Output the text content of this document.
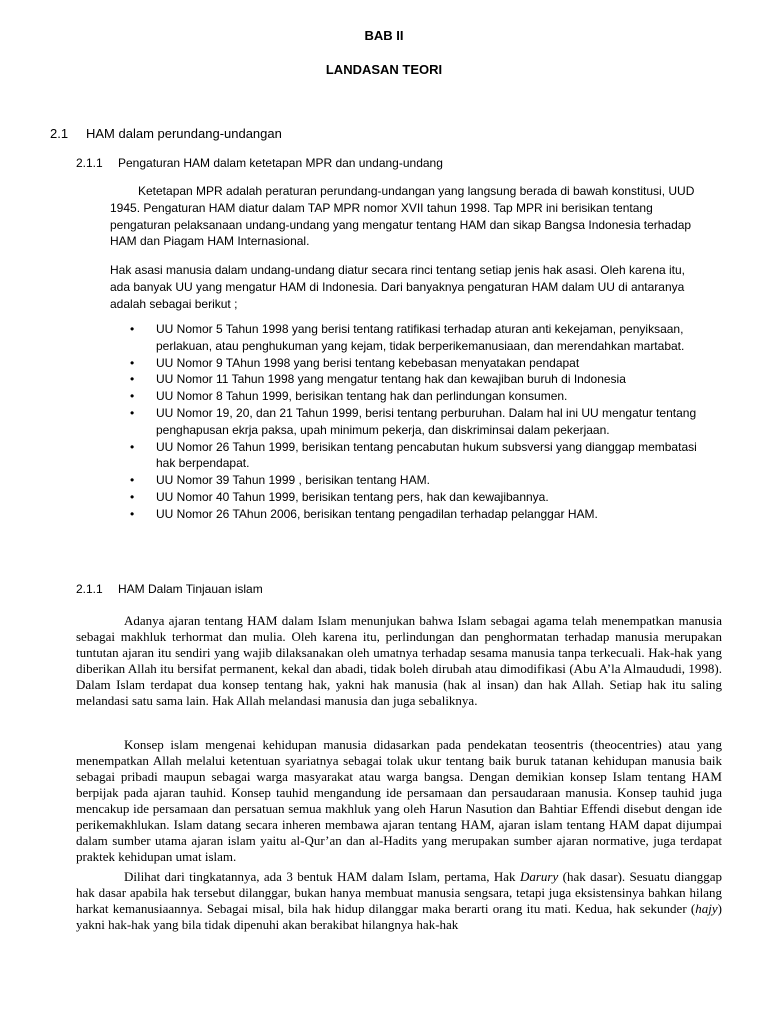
BAB II
LANDASAN TEORI
2.1 HAM dalam perundang-undangan
2.1.1 Pengaturan HAM dalam ketetapan MPR dan undang-undang

Ketetapan MPR adalah peraturan perundang-undangan yang langsung berada di bawah konstitusi, UUD 1945. Pengaturan HAM diatur dalam TAP MPR nomor XVII tahun 1998. Tap MPR ini berisikan tentang pengaturan pelaksanaan undang-undang yang mengatur tentang HAM dan sikap Bangsa Indonesia terhadap HAM dan Piagam HAM Internasional.

Hak asasi manusia dalam undang-undang diatur secara rinci tentang setiap jenis hak asasi. Oleh karena itu, ada banyak UU yang mengatur HAM di Indonesia. Dari banyaknya pengaturan HAM dalam UU di antaranya adalah sebagai berikut ;

• UU Nomor 5 Tahun 1998 yang berisi tentang ratifikasi terhadap aturan anti kekejaman, penyiksaan, perlakuan, atau penghukuman yang kejam, tidak berperikemanusiaan, dan merendahkan martabat.
• UU Nomor 9 TAhun 1998 yang berisi tentang kebebasan menyatakan pendapat
• UU Nomor 11 Tahun 1998 yang mengatur tentang hak dan kewajiban buruh di Indonesia
• UU Nomor 8 Tahun 1999, berisikan tentang hak dan perlindungan konsumen.
• UU Nomor 19, 20, dan 21 Tahun 1999, berisi tentang perburuhan. Dalam hal ini UU mengatur tentang penghapusan ekrja paksa, upah minimum pekerja, dan diskriminsai dalam pekerjaan.
• UU Nomor 26 Tahun 1999, berisikan tentang pencabutan hukum subsversi yang dianggap membatasi hak berpendapat.
• UU Nomor 39 Tahun 1999 , berisikan tentang HAM.
• UU Nomor 40 Tahun 1999, berisikan tentang pers, hak dan kewajibannya.
• UU Nomor 26 TAhun 2006, berisikan tentang pengadilan terhadap pelanggar HAM.
2.1.1 HAM Dalam Tinjauan islam

Adanya ajaran tentang HAM dalam Islam menunjukan bahwa Islam sebagai agama telah menempatkan manusia sebagai makhluk terhormat dan mulia. Oleh karena itu, perlindungan dan penghormatan terhadap manusia merupakan tuntutan ajaran itu sendiri yang wajib dilaksanakan oleh umatnya terhadap sesama manusia tanpa terkecuali. Hak-hak yang diberikan Allah itu bersifat permanent, kekal dan abadi, tidak boleh dirubah atau dimodifikasi (Abu A’la Almaududi, 1998). Dalam Islam terdapat dua konsep tentang hak, yakni hak manusia (hak al insan) dan hak Allah. Setiap hak itu saling melandasi satu sama lain. Hak Allah melandasi manusia dan juga sebaliknya.

Konsep islam mengenai kehidupan manusia didasarkan pada pendekatan teosentris (theocentries) atau yang menempatkan Allah melalui ketentuan syariatnya sebagai tolak ukur tentang baik buruk tatanan kehidupan manusia baik sebagai pribadi maupun sebagai warga masyarakat atau warga bangsa. Dengan demikian konsep Islam tentang HAM berpijak pada ajaran tauhid. Konsep tauhid mengandung ide persamaan dan persaudaraan manusia. Konsep tauhid juga mencakup ide persamaan dan persatuan semua makhluk yang oleh Harun Nasution dan Bahtiar Effendi disebut dengan ide perikemakhlukan. Islam datang secara inheren membawa ajaran tentang HAM, ajaran islam tentang HAM dapat dijumpai dalam sumber utama ajaran islam yaitu al-Qur’an dan al-Hadits yang merupakan sumber ajaran normative, juga terdapat praktek kehidupan umat islam.

Dilihat dari tingkatannya, ada 3 bentuk HAM dalam Islam, pertama, Hak Darury (hak dasar). Sesuatu dianggap hak dasar apabila hak tersebut dilanggar, bukan hanya membuat manusia sengsara, tetapi juga eksistensinya bahkan hilang harkat kemanusiaannya. Sebagai misal, bila hak hidup dilanggar maka berarti orang itu mati. Kedua, hak sekunder (hajy) yakni hak-hak yang bila tidak dipenuhi akan berakibat hilangnya hak-hak
